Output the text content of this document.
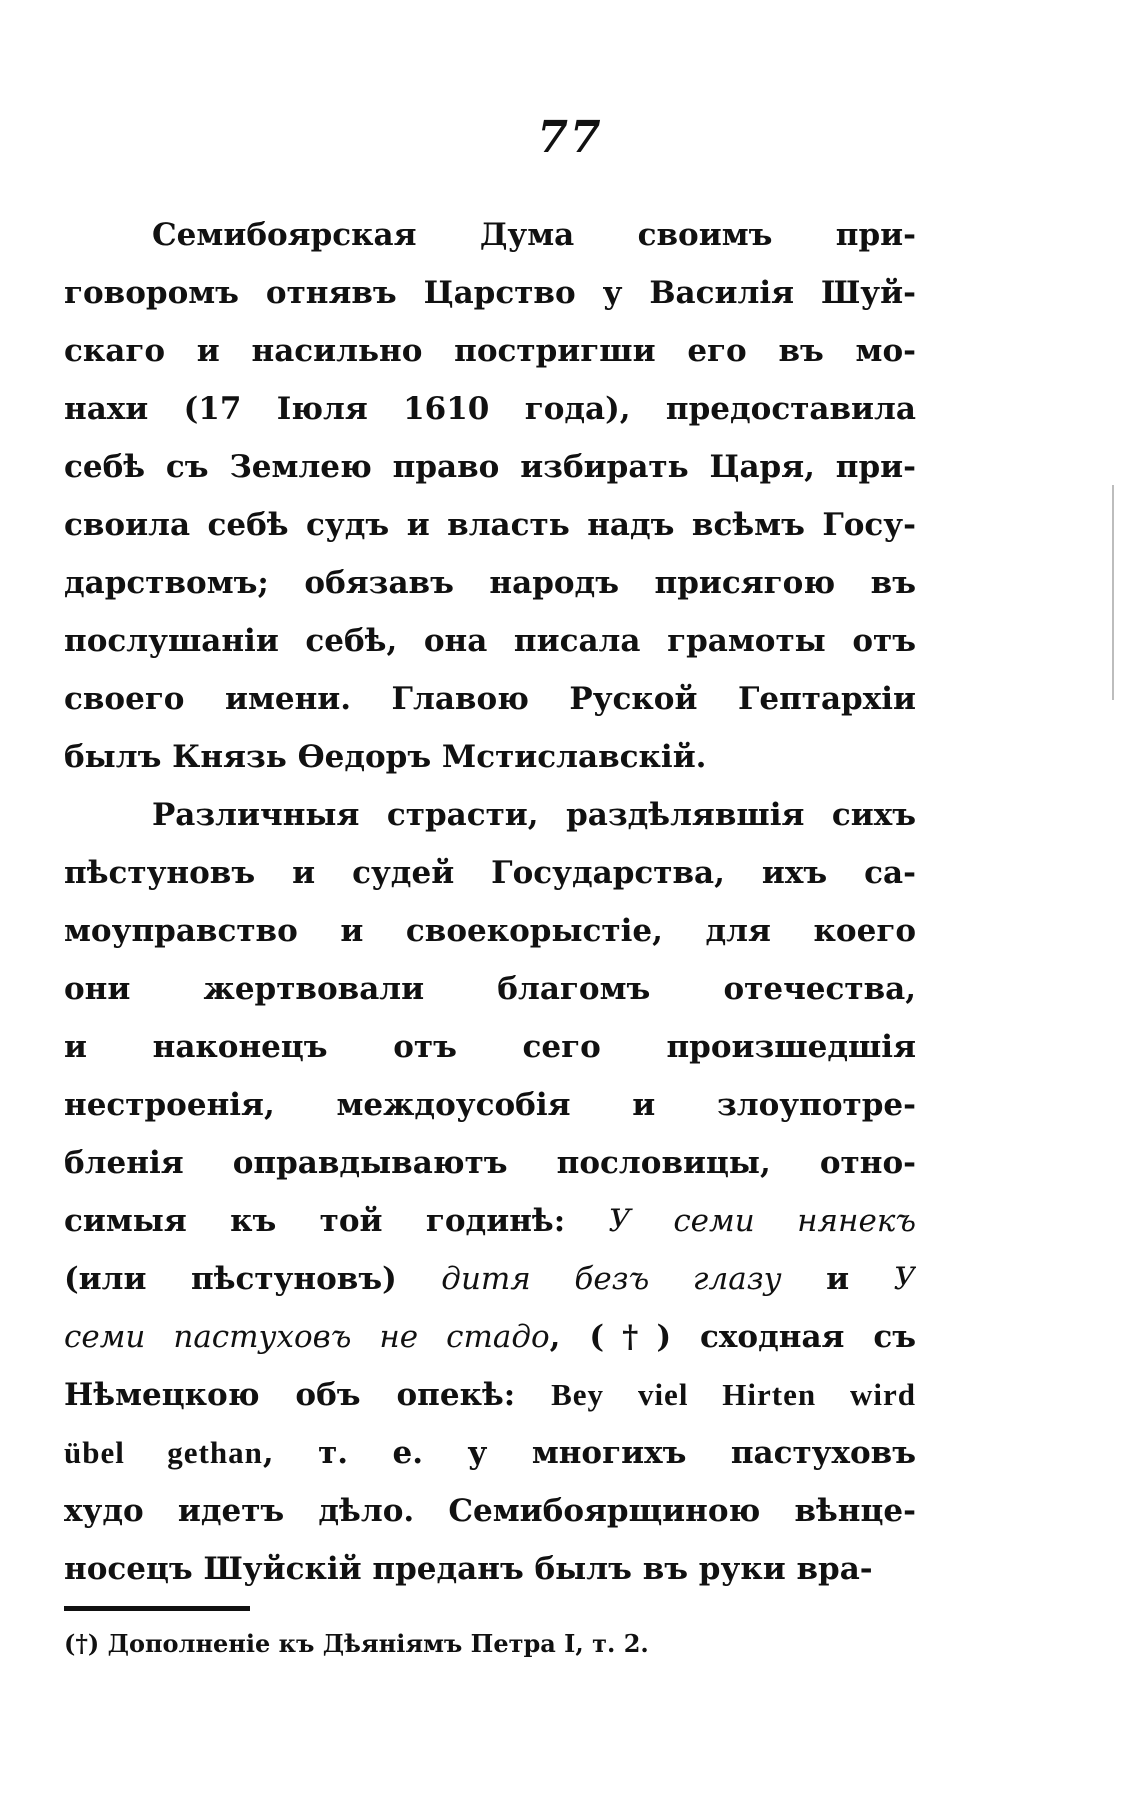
77
Семибоярская Дума своимъ при-
говоромъ отнявъ Царство у Василія Шуй-
скаго и насильно постригши его въ мо-
нахи (17 Іюля 1610 года), предоставила
себѣ съ Землею право избирать Царя, при-
своила себѣ судъ и власть надъ всѣмъ Госу-
дарствомъ; обязавъ народъ присягою въ
послушаніи себѣ, она писала грамоты отъ
своего имени. Главою Руской Гептархіи
былъ Князь Ѳедоръ Мстиславскій.
Различныя страсти, раздѣлявшія сихъ
пѣстуновъ и судей Государства, ихъ са-
моуправство и своекорыстіе, для коего
они жертвовали благомъ отечества,
и наконецъ отъ сего произшедшія
нестроенія, междоусобія и злоупотре-
бленія оправдываютъ пословицы, отно-
симыя къ той годинѣ: У семи нянекъ
(или пѣстуновъ) дитя безъ глазу и У
семи пастуховъ не стадо, (†) сходная съ
Нѣмецкою объ опекѣ: Bey viel Hirten wird
übel gethan, т. е. у многихъ пастуховъ
худо идетъ дѣло. Семибоярщиною вѣнце-
носецъ Шуйскій преданъ былъ въ руки вра-
(†) Дополненіе къ Дѣяніямъ Петра I, т. 2.
